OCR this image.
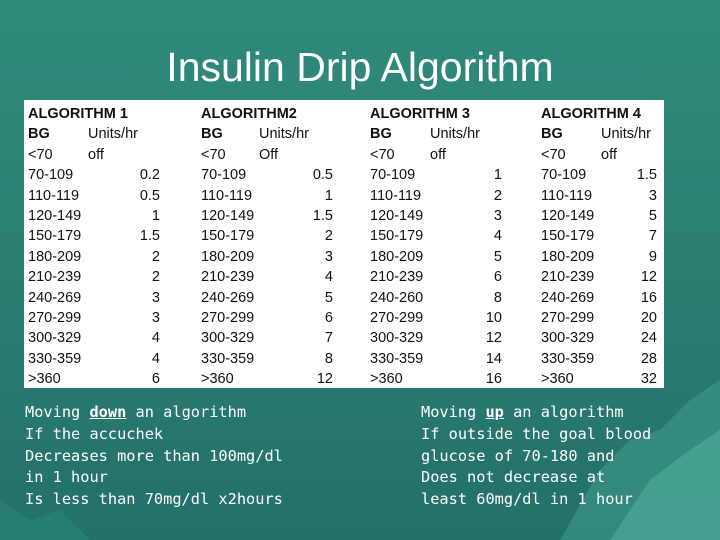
Insulin Drip Algorithm
ALGORITHM 1
BG	Units/hr
<70 off
70-109	0.2
110-119	0.5
120-149	1
150-179	1.5
180-209	2
210-239	2
240-269	3
270-299	3
300-329	4
330-359	4
>360	6
ALGORITHM2
BG	Units/hr
<70 Off
70-109	0.5
110-119	1
120-149	1.5
150-179	2
180-209	3
210-239	4
240-269	5
270-299	6
300-329	7
330-359	8
>360	12
ALGORITHM 3
BG	Units/hr
<70 off
70-109	1
110-119	2
120-149	3
150-179	4
180-209	5
210-239	6
240-260	8
270-299	10
300-329	12
330-359	14
>360	16
ALGORITHM 4
BG	Units/hr
<70 off
70-109	1.5
110-119	3
120-149	5
150-179	7
180-209	9
210-239	12
240-269	16
270-299	20
300-329	24
330-359	28
>360	32
Moving down an algorithm
If the accuchek
Decreases more than 100mg/dl
in 1 hour
Is less than 70mg/dl x2hours
Moving up an algorithm
If outside the goal blood
glucose of 70-180 and
Does not decrease at
least 60mg/dl in 1 hour
